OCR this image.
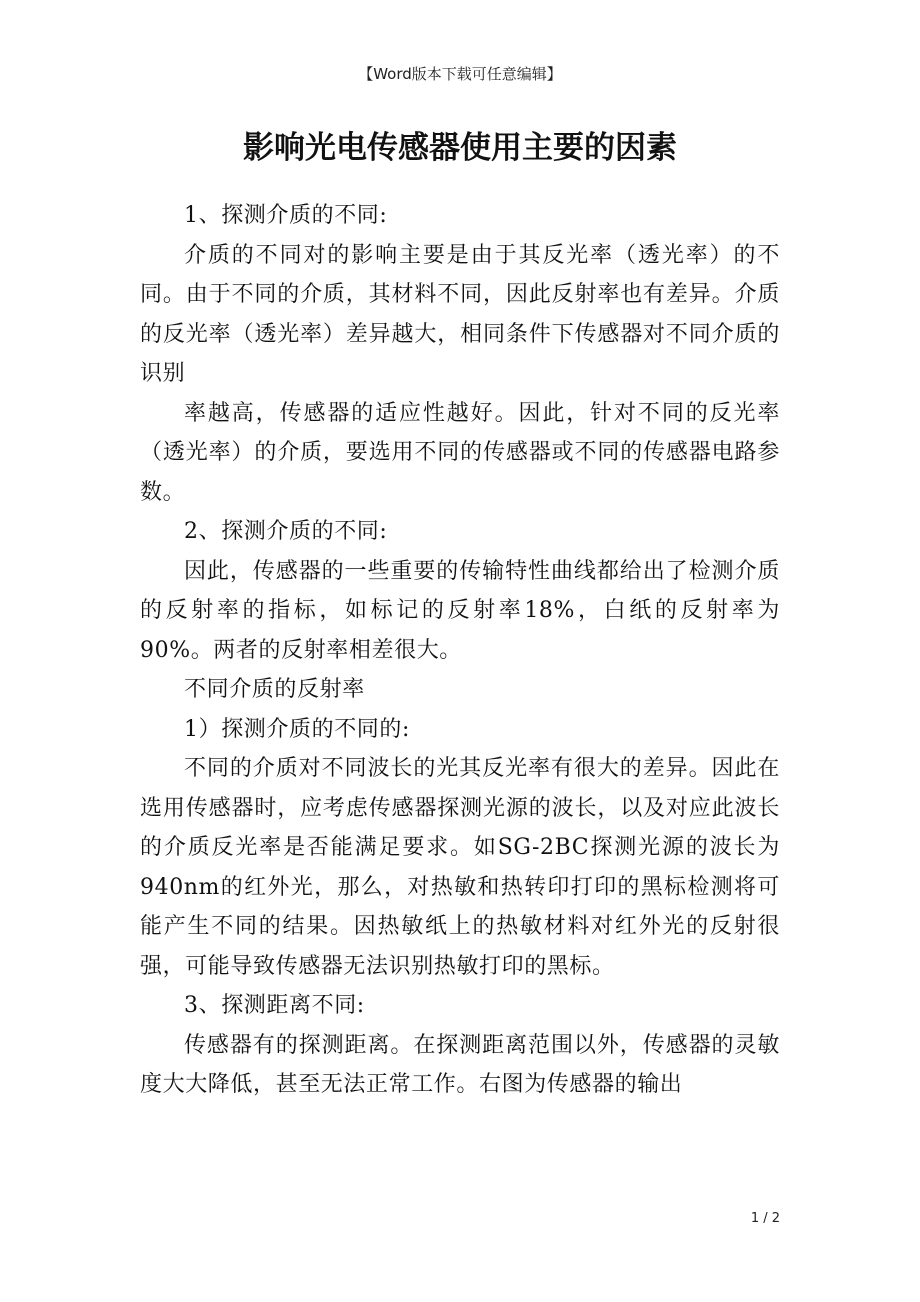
【Word版本下载可任意编辑】
影响光电传感器使用主要的因素

1、探测介质的不同:

介质的不同对的影响主要是由于其反光率（透光率）的不同。由于不同的介质，其材料不同，因此反射率也有差异。介质的反光率（透光率）差异越大，相同条件下传感器对不同介质的识别

率越高，传感器的适应性越好。因此，针对不同的反光率（透光率）的介质，要选用不同的传感器或不同的传感器电路参数。

2、探测介质的不同:

因此，传感器的一些重要的传输特性曲线都给出了检测介质的反射率的指标，如标记的反射率18%，白纸的反射率为90%。两者的反射率相差很大。

不同介质的反射率

1）探测介质的不同的:

不同的介质对不同波长的光其反光率有很大的差异。因此在选用传感器时，应考虑传感器探测光源的波长，以及对应此波长的介质反光率是否能满足要求。如SG-2BC探测光源的波长为940nm的红外光，那么，对热敏和热转印打印的黑标检测将可能产生不同的结果。因热敏纸上的热敏材料对红外光的反射很强，可能导致传感器无法识别热敏打印的黑标。

3、探测距离不同:

传感器有的探测距离。在探测距离范围以外，传感器的灵敏度大大降低，甚至无法正常工作。右图为传感器的输出

1 / 2
